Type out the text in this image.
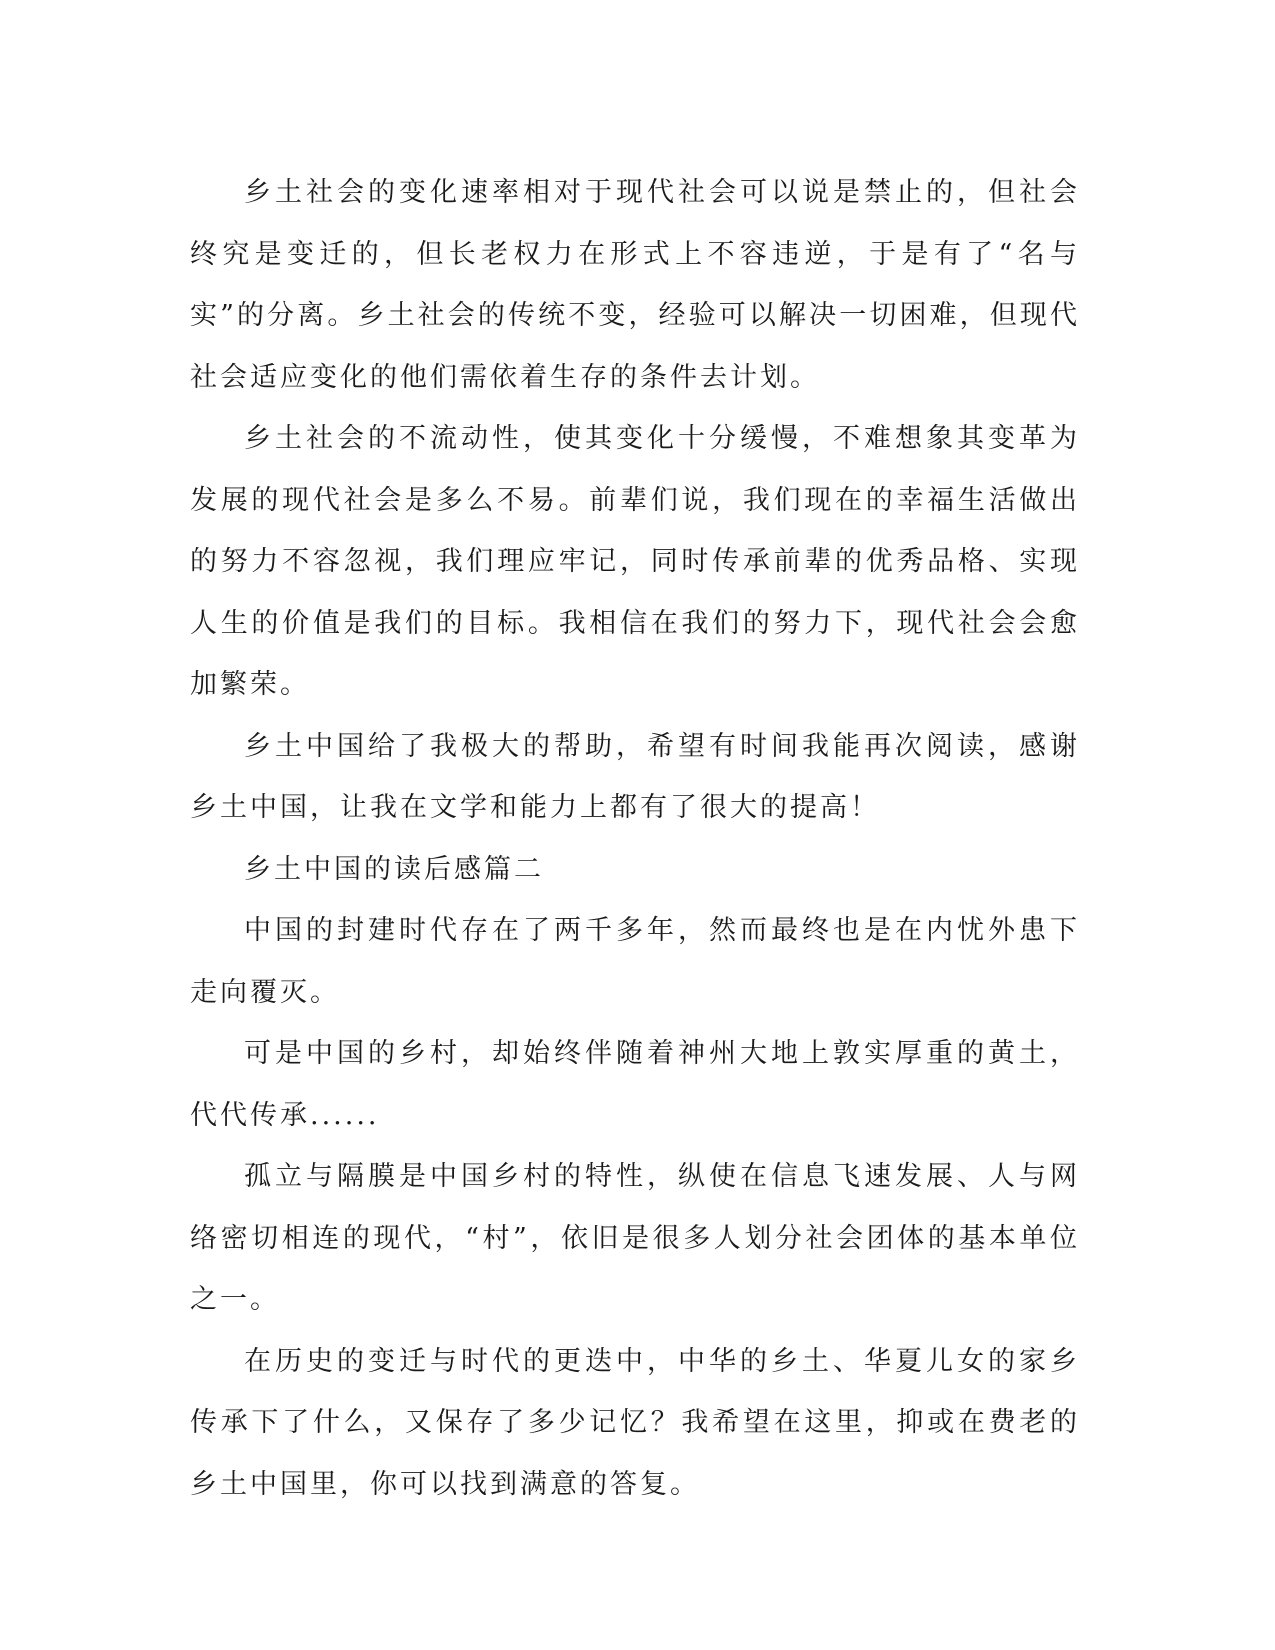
乡土社会的变化速率相对于现代社会可以说是禁止的，但社会终究是变迁的，但长老权力在形式上不容违逆，于是有了“名与实”的分离。乡土社会的传统不变，经验可以解决一切困难，但现代社会适应变化的他们需依着生存的条件去计划。

乡土社会的不流动性，使其变化十分缓慢，不难想象其变革为发展的现代社会是多么不易。前辈们说，我们现在的幸福生活做出的努力不容忽视，我们理应牢记，同时传承前辈的优秀品格、实现人生的价值是我们的目标。我相信在我们的努力下，现代社会会愈加繁荣。

乡土中国给了我极大的帮助，希望有时间我能再次阅读，感谢乡土中国，让我在文学和能力上都有了很大的提高！

乡土中国的读后感篇二

中国的封建时代存在了两千多年，然而最终也是在内忧外患下走向覆灭。

可是中国的乡村，却始终伴随着神州大地上敦实厚重的黄土，代代传承......

孤立与隔膜是中国乡村的特性，纵使在信息飞速发展、人与网络密切相连的现代，“村”，依旧是很多人划分社会团体的基本单位之一。

在历史的变迁与时代的更迭中，中华的乡土、华夏儿女的家乡传承下了什么，又保存了多少记忆？我希望在这里，抑或在费老的乡土中国里，你可以找到满意的答复。
